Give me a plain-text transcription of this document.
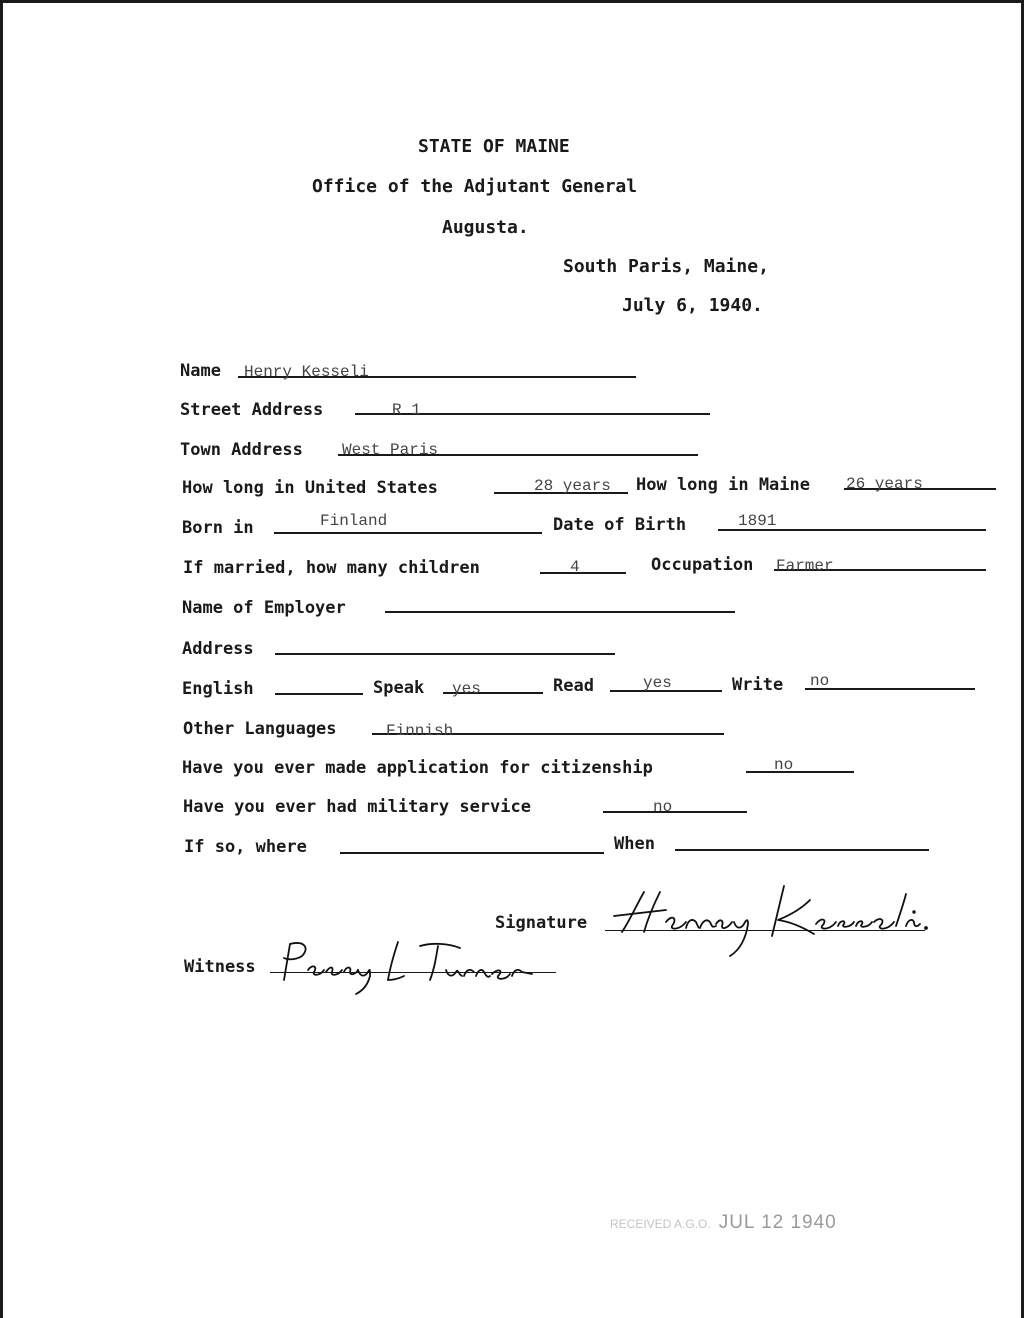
STATE OF MAINE
Office of the Adjutant General
Augusta.
South Paris, Maine,
July 6, 1940.
Name Henry Kesseli
Street Address	R 1
Town Address West Paris
How long in United States	28 years How long in Maine 26 years
Born in	Finland	Date of Birth	1891
If married, how many children	4	Occupation Farmer
Name of Employer
Address
English	Speak yes	Read	yes	Write no
Other Languages	Finnish
Have you ever made application for citizenship	no
Have you ever had military service	no
If so, where	When
Signature
Witness
RECEIVED A.G.O. JUL 12 1940
